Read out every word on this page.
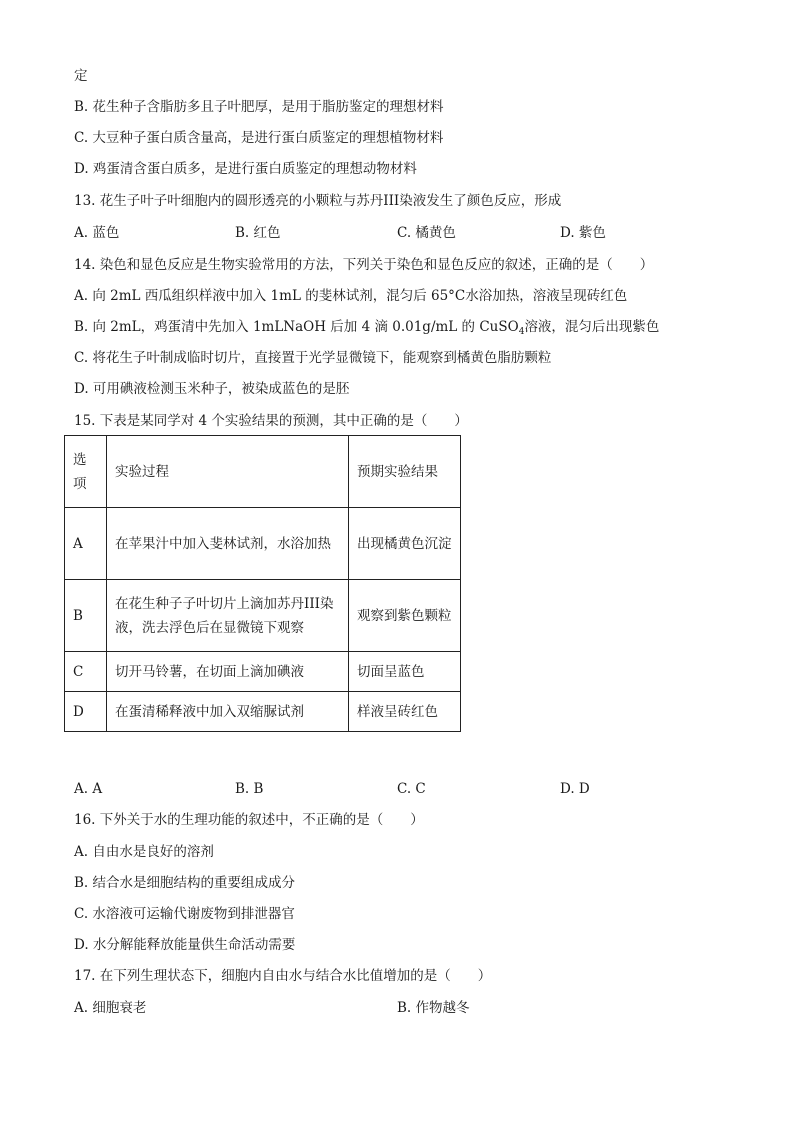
定
B. 花生种子含脂肪多且子叶肥厚，是用于脂肪鉴定的理想材料
C. 大豆种子蛋白质含量高，是进行蛋白质鉴定的理想植物材料
D. 鸡蛋清含蛋白质多，是进行蛋白质鉴定的理想动物材料
13. 花生子叶子叶细胞内的圆形透亮的小颗粒与苏丹III染液发生了颜色反应，形成
A. 蓝色	B. 红色	C. 橘黄色	D. 紫色
14. 染色和显色反应是生物实验常用的方法，下列关于染色和显色反应的叙述，正确的是（　　）
A. 向 2mL 西瓜组织样液中加入 1mL 的斐林试剂，混匀后 65°C水浴加热，溶液呈现砖红色
B. 向 2mL，鸡蛋清中先加入 1mLNaOH 后加 4 滴 0.01g/mL 的 CuSO$_4$溶液，混匀后出现紫色
C. 将花生子叶制成临时切片，直接置于光学显微镜下，能观察到橘黄色脂肪颗粒
D. 可用碘液检测玉米种子，被染成蓝色的是胚
15. 下表是某同学对 4 个实验结果的预测，其中正确的是（　　）
选项	实验过程	预期实验结果
A	在苹果汁中加入斐林试剂，水浴加热	出现橘黄色沉淀
B	在花生种子子叶切片上滴加苏丹III染液，洗去浮色后在显微镜下观察	观察到紫色颗粒
C	切开马铃薯，在切面上滴加碘液	切面呈蓝色
D	在蛋清稀释液中加入双缩脲试剂	样液呈砖红色
A. A	B. B	C. C	D. D
16. 下外关于水的生理功能的叙述中，不正确的是（　　）
A. 自由水是良好的溶剂
B. 结合水是细胞结构的重要组成成分
C. 水溶液可运输代谢废物到排泄器官
D. 水分解能释放能量供生命活动需要
17. 在下列生理状态下，细胞内自由水与结合水比值增加的是（　　）
A. 细胞衰老	B. 作物越冬
